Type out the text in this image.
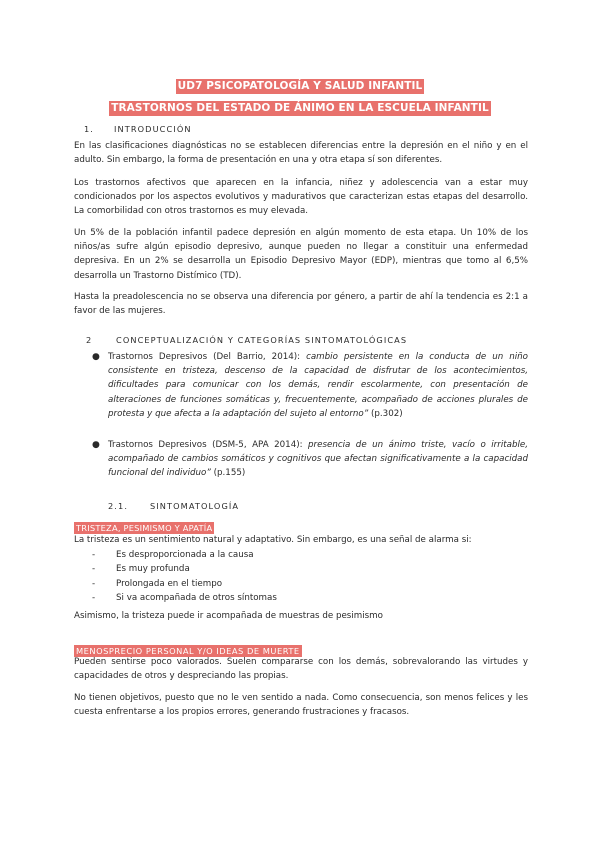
UD7 PSICOPATOLOGÍA Y SALUD INFANTIL
TRASTORNOS DEL ESTADO DE ÁNIMO EN LA ESCUELA INFANTIL
1. INTRODUCCIÓN

En las clasificaciones diagnósticas no se establecen diferencias entre la depresión en el niño y en el adulto. Sin embargo, la forma de presentación en una y otra etapa sí son diferentes.

Los trastornos afectivos que aparecen en la infancia, niñez y adolescencia van a estar muy condicionados por los aspectos evolutivos y madurativos que caracterizan estas etapas del desarrollo. La comorbilidad con otros trastornos es muy elevada.

Un 5% de la población infantil padece depresión en algún momento de esta etapa. Un 10% de los niños/as sufre algún episodio depresivo, aunque pueden no llegar a constituir una enfermedad depresiva. En un 2% se desarrolla un Episodio Depresivo Mayor (EDP), mientras que tomo al 6,5% desarrolla un Trastorno Distímico (TD).

Hasta la preadolescencia no se observa una diferencia por género, a partir de ahí la tendencia es 2:1 a favor de las mujeres.

2	CONCEPTUALIZACIÓN Y CATEGORÍAS SINTOMATOLÓGICAS
● Trastornos Depresivos (Del Barrio, 2014): cambio persistente en la conducta de un niño consistente en tristeza, descenso de la capacidad de disfrutar de los acontecimientos, dificultades para comunicar con los demás, rendir escolarmente, con presentación de alteraciones de funciones somáticas y, frecuentemente, acompañado de acciones plurales de protesta y que afecta a la adaptación del sujeto al entorno” (p.302)

● Trastornos Depresivos (DSM-5, APA 2014): presencia de un ánimo triste, vacío o irritable, acompañado de cambios somáticos y cognitivos que afectan significativamente a la capacidad funcional del individuo” (p.155)

2.1.	SINTOMATOLOGÍA
TRISTEZA, PESIMISMO Y APATÍA

La tristeza es un sentimiento natural y adaptativo. Sin embargo, es una señal de alarma si:

- Es desproporcionada a la causa
- Es muy profunda
- Prolongada en el tiempo
- Si va acompañada de otros síntomas

Asimismo, la tristeza puede ir acompañada de muestras de pesimismo

MENOSPRECIO PERSONAL Y/O IDEAS DE MUERTE

Pueden sentirse poco valorados. Suelen compararse con los demás, sobrevalorando las virtudes y capacidades de otros y despreciando las propias.

No tienen objetivos, puesto que no le ven sentido a nada. Como consecuencia, son menos felices y les cuesta enfrentarse a los propios errores, generando frustraciones y fracasos.
